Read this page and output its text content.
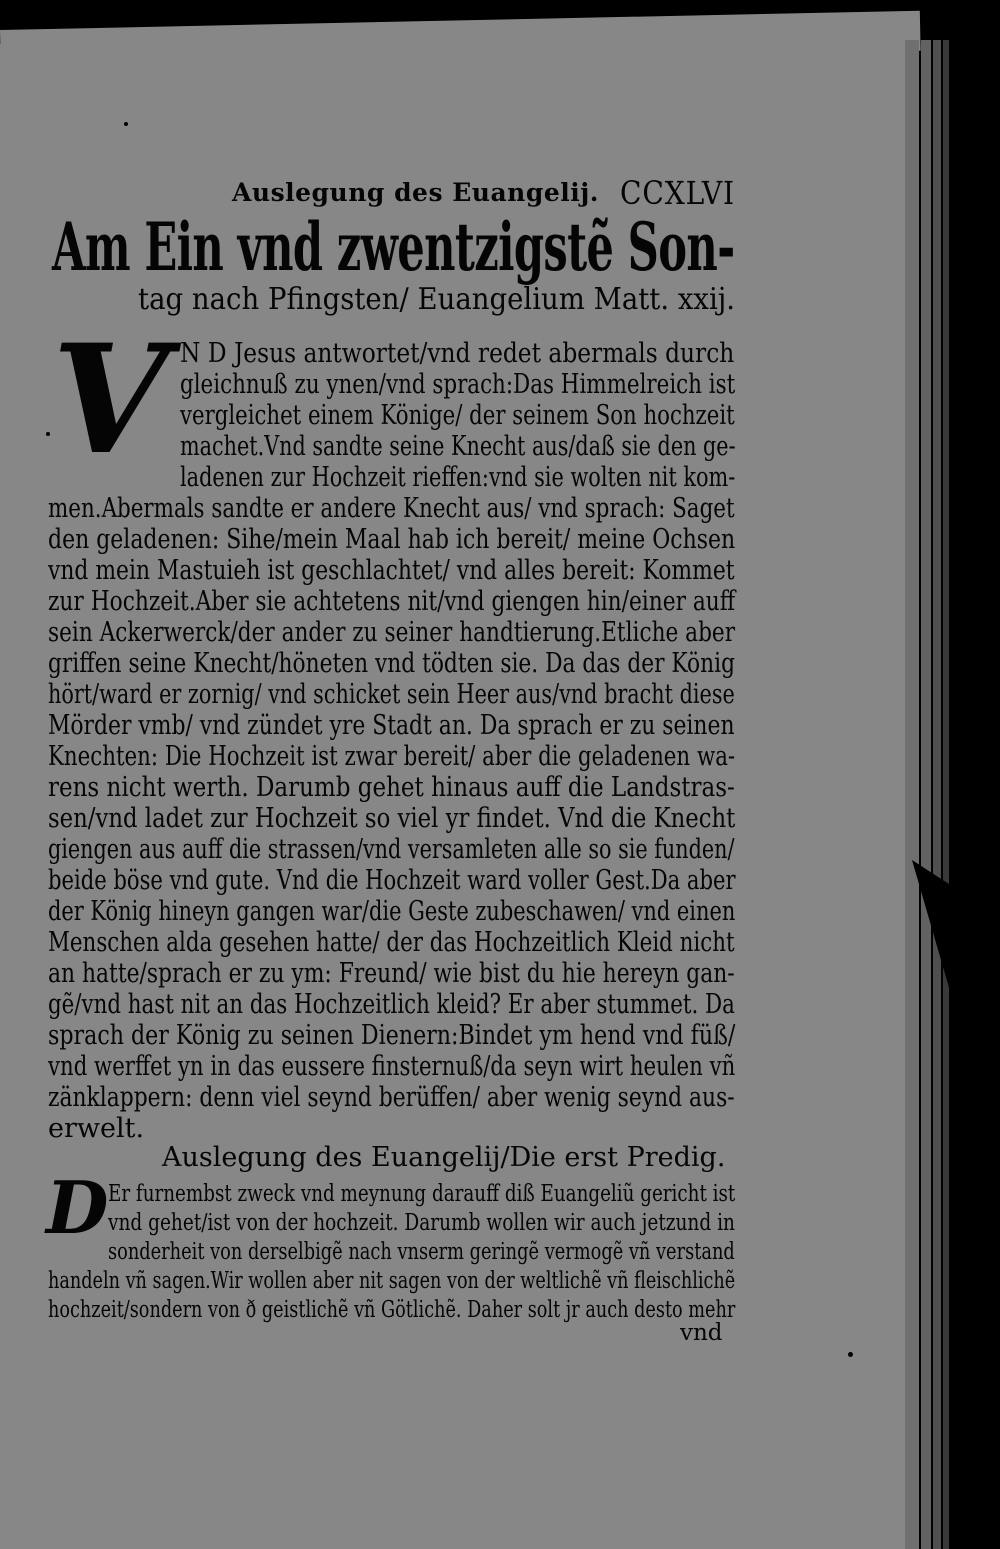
Auslegung des Euangelij. CCXLVI
Am Ein vnd zwentzigstẽ Son-
tag nach Pfingsten/ Euangelium Matt. xxij.
V N D Jesus antwortet/vnd redet abermals durch
gleichnuß zu ynen/vnd sprach:Das Himmelreich ist
vergleichet einem Könige/ der seinem Son hochzeit
machet.Vnd sandte seine Knecht aus/daß sie den ge-
ladenen zur Hochzeit rieffen:vnd sie wolten nit kom-
men.Abermals sandte er andere Knecht aus/ vnd sprach: Saget
den geladenen: Sihe/mein Maal hab ich bereit/ meine Ochsen
vnd mein Mastuieh ist geschlachtet/ vnd alles bereit: Kommet
zur Hochzeit.Aber sie achtetens nit/vnd giengen hin/einer auff
sein Ackerwerck/der ander zu seiner handtierung.Etliche aber
griffen seine Knecht/höneten vnd tödten sie. Da das der König
hört/ward er zornig/ vnd schicket sein Heer aus/vnd bracht diese
Mörder vmb/ vnd zündet yre Stadt an. Da sprach er zu seinen
Knechten: Die Hochzeit ist zwar bereit/ aber die geladenen wa-
rens nicht werth. Darumb gehet hinaus auff die Landstras-
sen/vnd ladet zur Hochzeit so viel yr findet. Vnd die Knecht
giengen aus auff die strassen/vnd versamleten alle so sie funden/
beide böse vnd gute. Vnd die Hochzeit ward voller Gest.Da aber
der König hineyn gangen war/die Geste zubeschawen/ vnd einen
Menschen alda gesehen hatte/ der das Hochzeitlich Kleid nicht
an hatte/sprach er zu ym: Freund/ wie bist du hie hereyn gan-
gẽ/vnd hast nit an das Hochzeitlich kleid? Er aber stummet. Da
sprach der König zu seinen Dienern:Bindet ym hend vnd füß/
vnd werffet yn in das eussere finsternuß/da seyn wirt heulen vñ
zänklappern: denn viel seynd berüffen/ aber wenig seynd aus-
erwelt.
Auslegung des Euangelij/Die erst Predig.
D Er furnembst zweck vnd meynung darauff diß Euangeliũ gericht ist
vnd gehet/ist von der hochzeit. Darumb wollen wir auch jetzund in
sonderheit von derselbigẽ nach vnserm geringẽ vermogẽ vñ verstand
handeln vñ sagen.Wir wollen aber nit sagen von der weltlichẽ vñ fleischlichẽ
hochzeit/sondern von ð geistlichẽ vñ Götlichẽ. Daher solt jr auch desto mehr
vnd
